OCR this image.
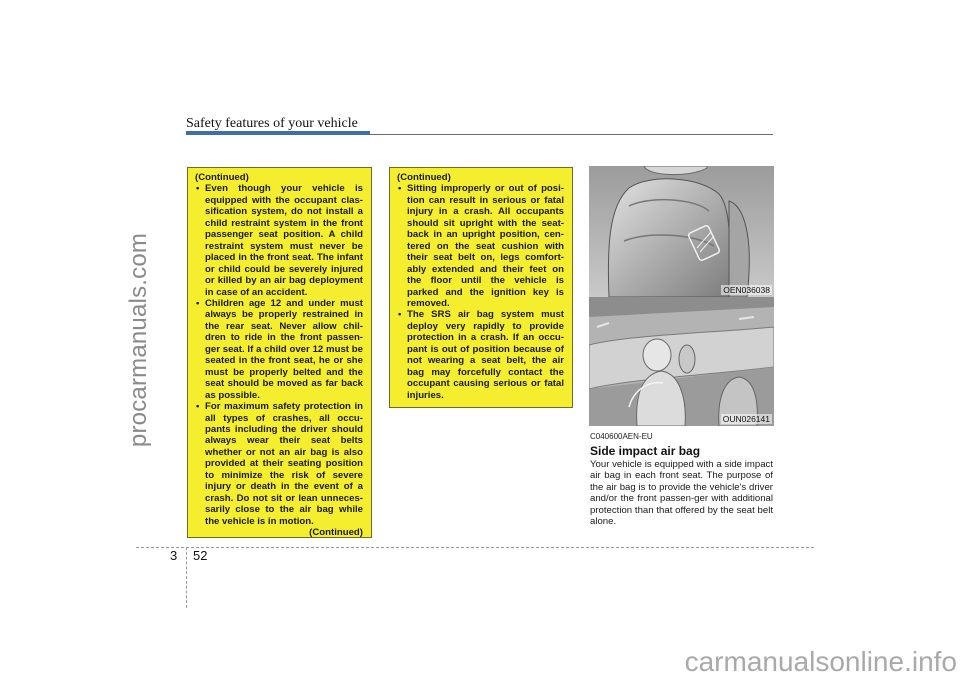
procarmanuals.com
carmanualsonline.info
Safety features of your vehicle

(Continued)

• Even though your vehicle is equipped with the occupant clas-sification system, do not install a child restraint system in the front passenger seat position. A child restraint system must never be placed in the front seat. The infant or child could be severely injured or killed by an air bag deployment in case of an accident.
• Children age 12 and under must always be properly restrained in the rear seat. Never allow chil-dren to ride in the front passen-ger seat. If a child over 12 must be seated in the front seat, he or she must be properly belted and the seat should be moved as far back as possible.
• For maximum safety protection in all types of crashes, all occu-pants including the driver should always wear their seat belts whether or not an air bag is also provided at their seating position to minimize the risk of severe injury or death in the event of a crash. Do not sit or lean unneces-sarily close to the air bag while the vehicle is in motion.

(Continued)

(Continued)

• Sitting improperly or out of posi-tion can result in serious or fatal injury in a crash. All occupants should sit upright with the seat-back in an upright position, cen-tered on the seat cushion with their seat belt on, legs comfort-ably extended and their feet on the floor until the vehicle is parked and the ignition key is removed.
• The SRS air bag system must deploy very rapidly to provide protection in a crash. If an occu-pant is out of position because of not wearing a seat belt, the air bag may forcefully contact the occupant causing serious or fatal injuries.
OEN036038
OUN026141
C040600AEN-EU
Side impact air bag

Your vehicle is equipped with a side impact air bag in each front seat. The purpose of the air bag is to provide the vehicle's driver and/or the front passen-ger with additional protection than that offered by the seat belt alone.

3 52
